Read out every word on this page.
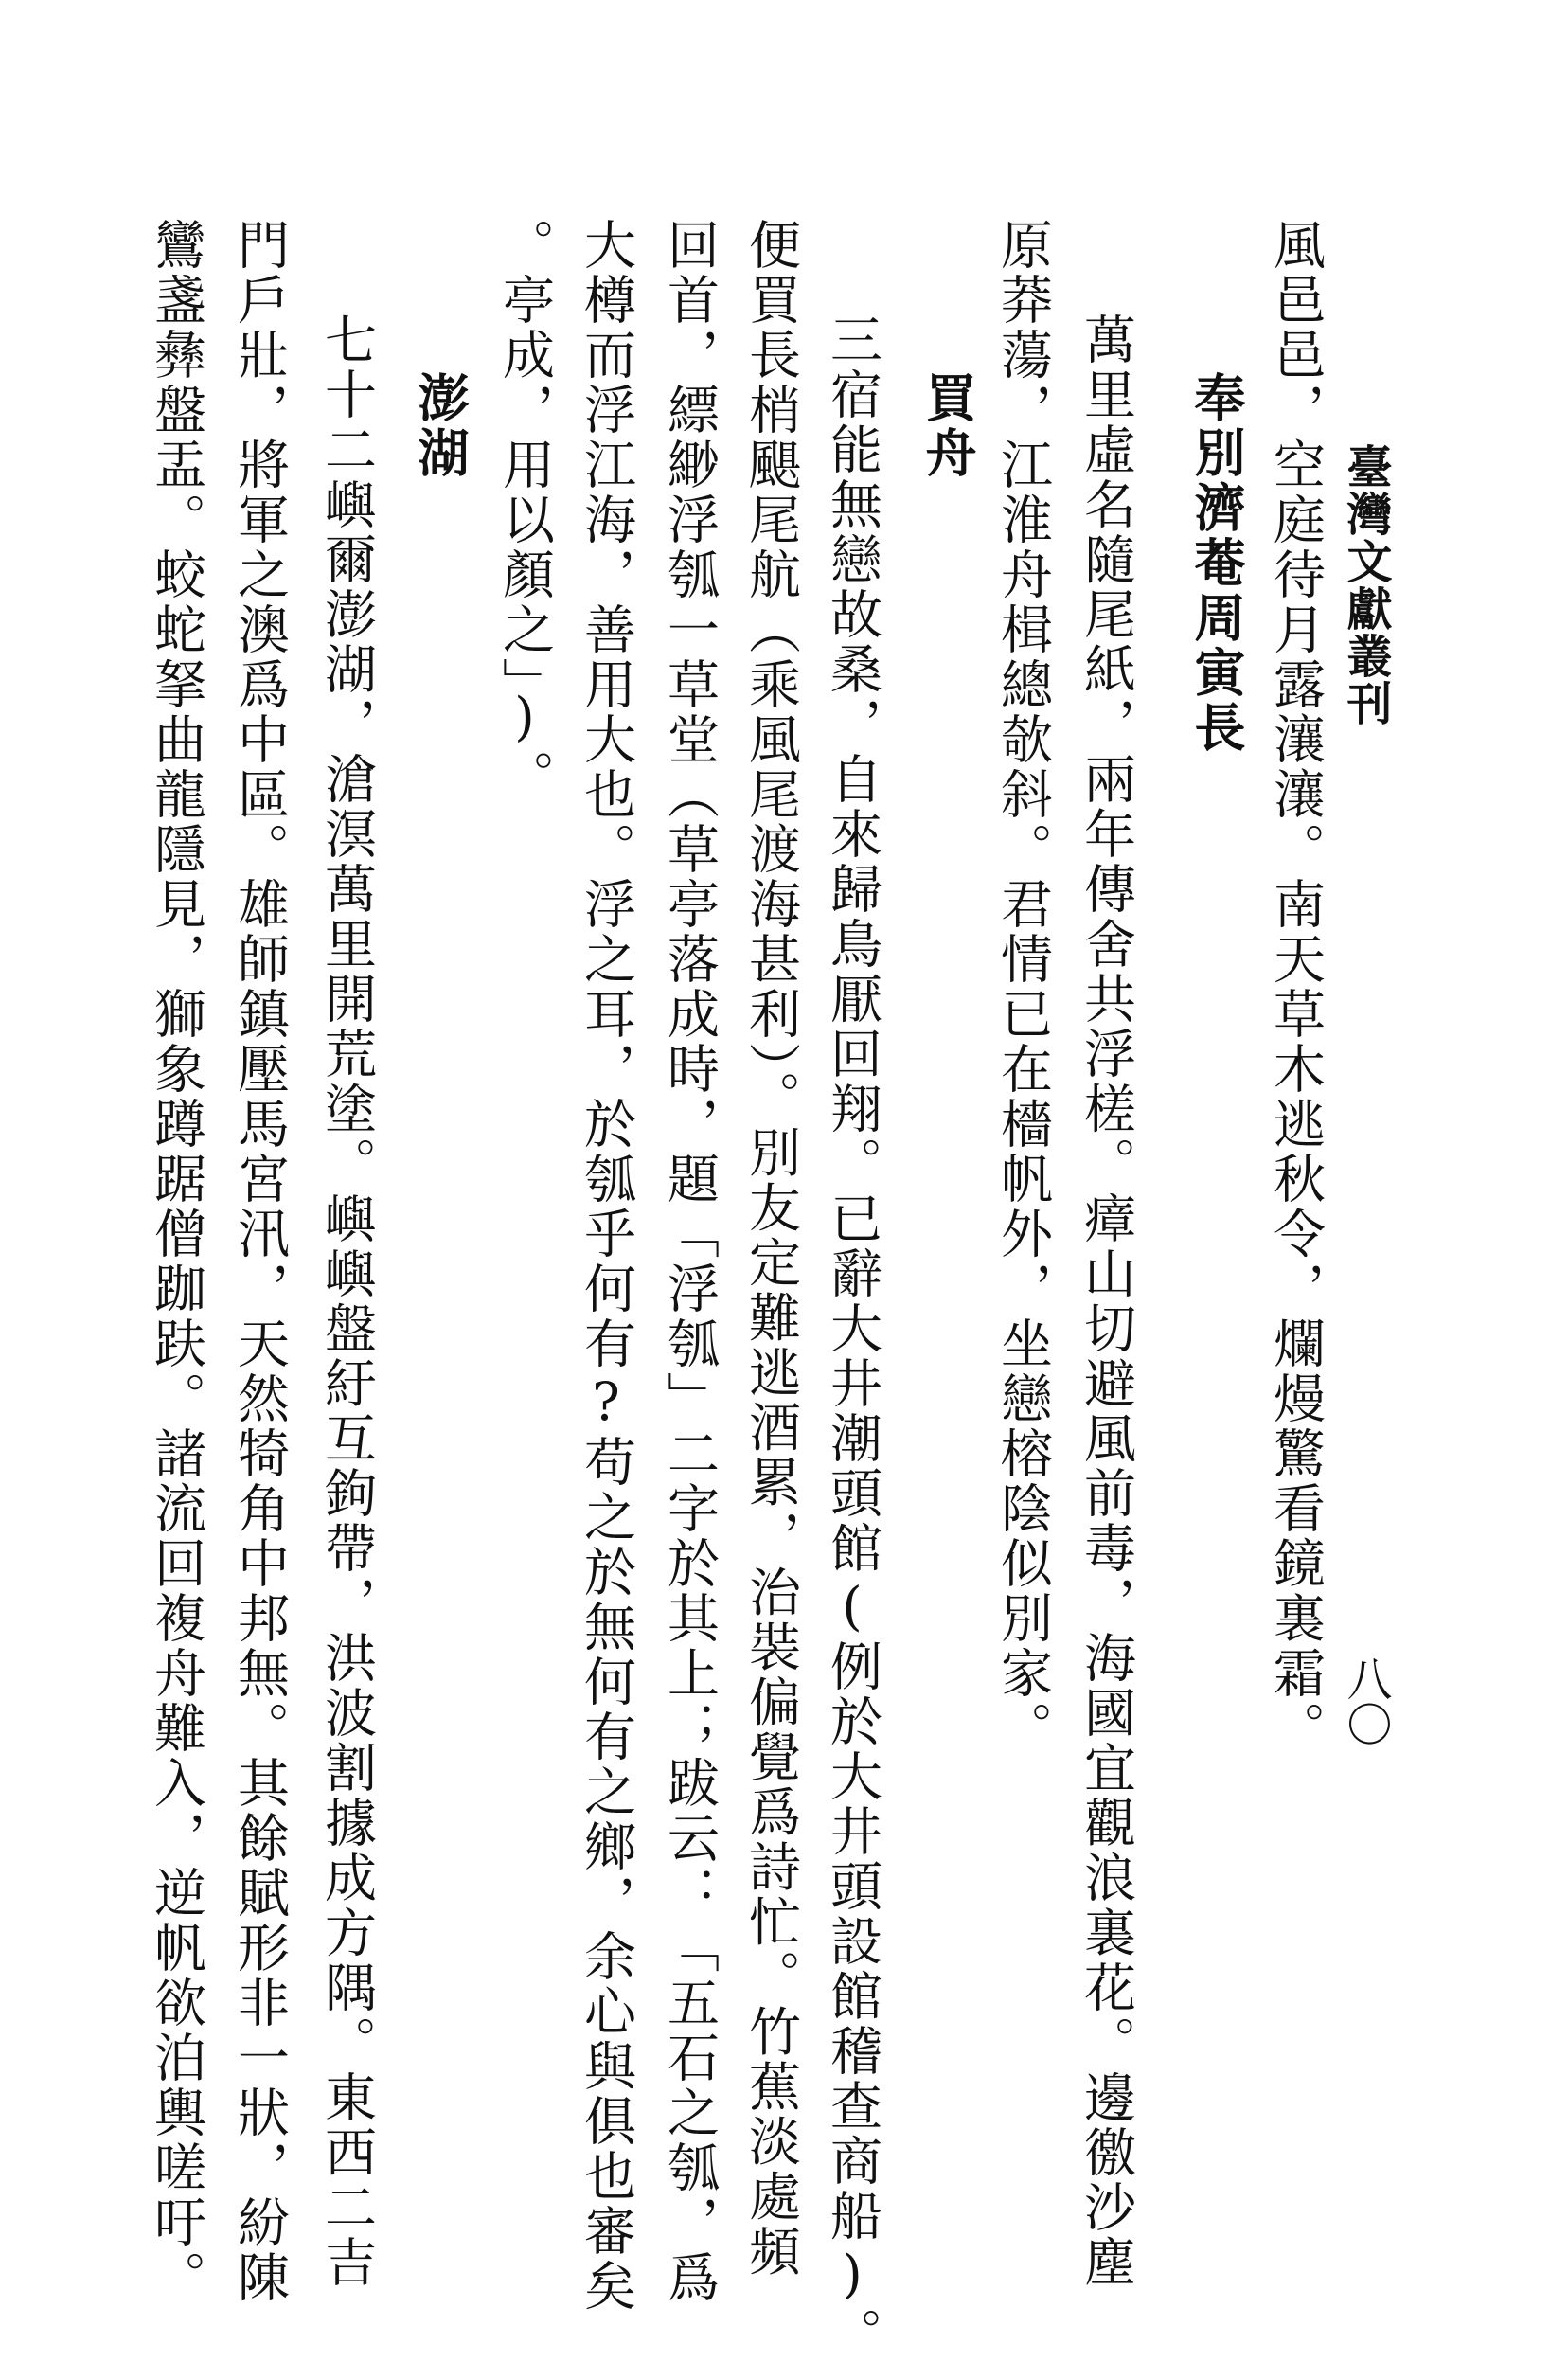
臺灣文獻叢刊
八〇
風邑邑，空庭待月露瀼瀼。南天草木逃秋令，爛熳驚看鏡裏霜。
奉別濟菴周寅長
萬里虛名隨尾紙，兩年傳舍共浮槎。瘴山切避風前毒，海國宜觀浪裏花。邊徼沙塵
原莽蕩，江淮舟楫總欹斜。君情已在檣帆外，坐戀榕陰似別家。
買舟
三宿能無戀故桑，自來歸鳥厭回翔。已辭大井潮頭館(例於大井頭設館稽查商船)。
便買長梢颶尾航（乘風尾渡海甚利）。別友定難逃酒累，治裝偏覺爲詩忙。竹蕉淡處頻
回首，縹緲浮瓠一草堂（草亭落成時，題「浮瓠」二字於其上；跋云：「五石之瓠，爲
大樽而浮江海，善用大也。浮之耳，於瓠乎何有?苟之於無何有之鄉，余心與俱也審矣
。亭成，用以顏之」)。
澎湖
七十二嶼爾澎湖，滄溟萬里開荒塗。嶼嶼盤紆互鉤帶，洪波割據成方隅。東西二吉
門戶壯，將軍之澳爲中區。雄師鎮壓馬宮汛，天然犄角中邦無。其餘賦形非一狀，紛陳
鸞盞彝盤盂。蛟蛇拏曲龍隱見，獅象蹲踞僧跏趺。諸流回複舟難入，逆帆欲泊輿嗟吁。
